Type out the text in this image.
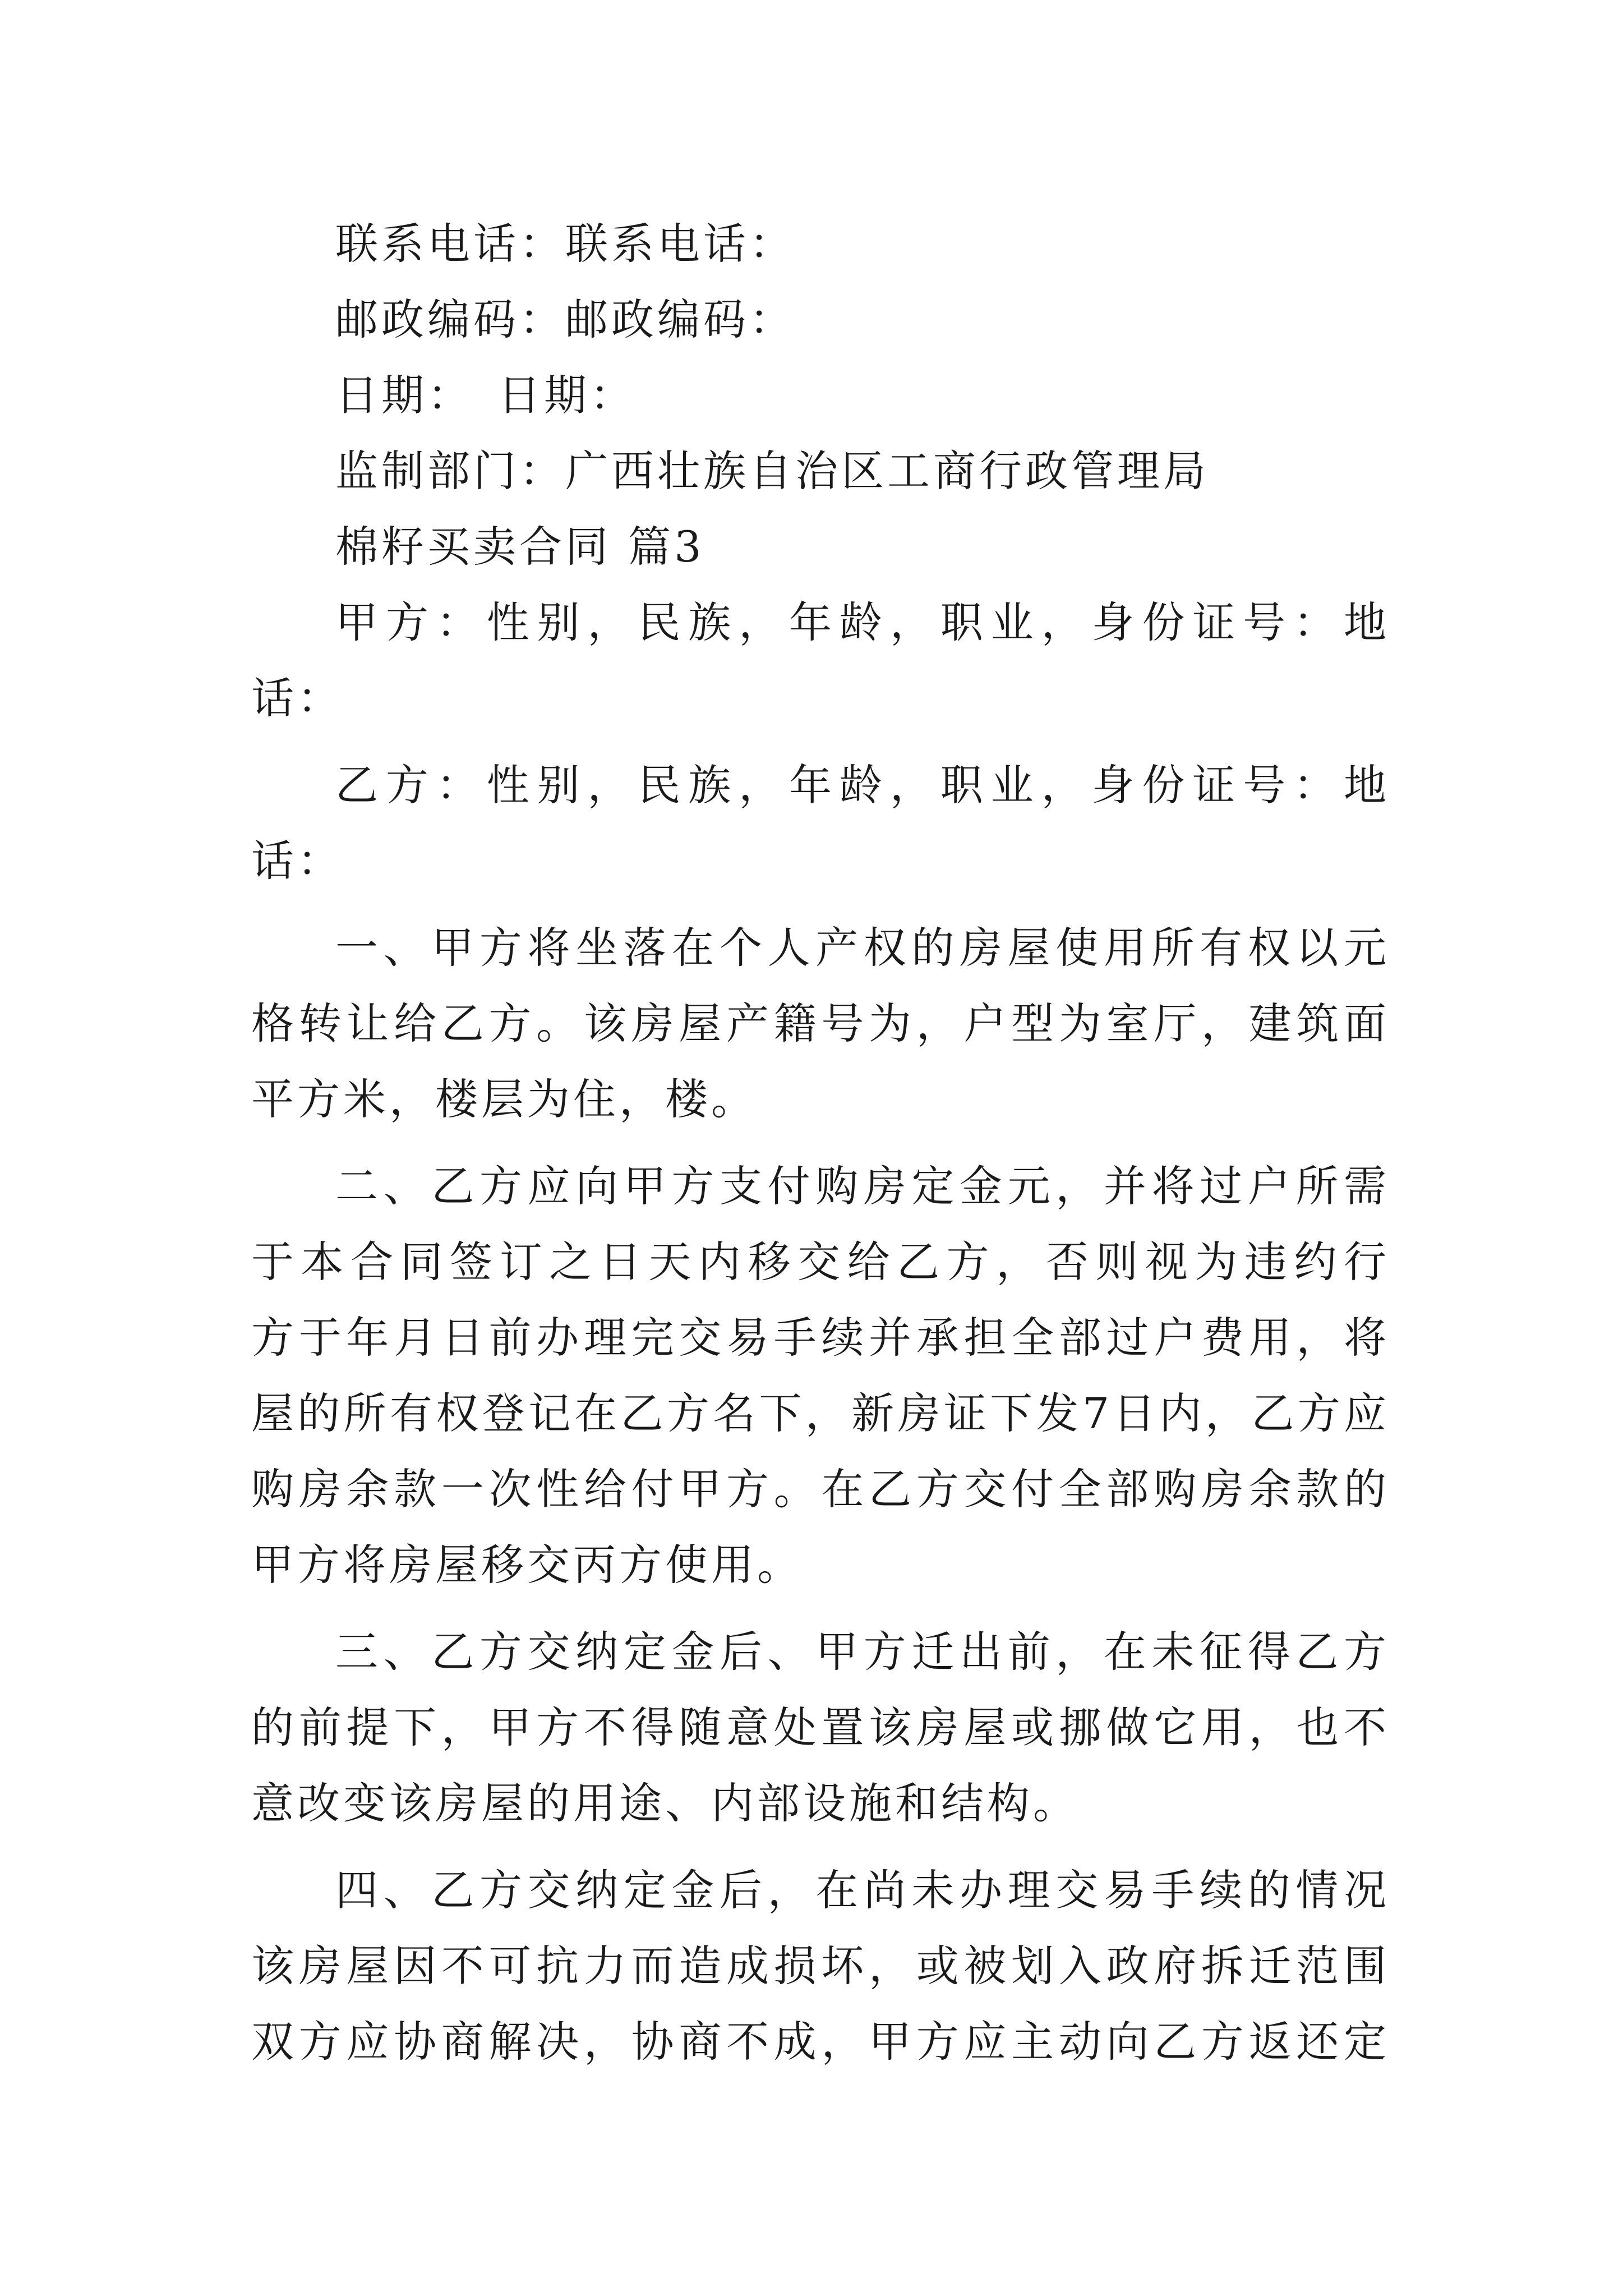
联系电话：联系电话：
邮政编码：邮政编码：
日期：　日期：
监制部门：广西壮族自治区工商行政管理局
棉籽买卖合同 篇3
甲方：性别，民族，年龄，职业，身份证号：地
话：
乙方：性别，民族，年龄，职业，身份证号：地
话：
一、甲方将坐落在个人产权的房屋使用所有权以元
格转让给乙方。该房屋产籍号为，户型为室厅，建筑面
平方米，楼层为住，楼。
二、乙方应向甲方支付购房定金元，并将过户所需
于本合同签订之日天内移交给乙方，否则视为违约行
方于年月日前办理完交易手续并承担全部过户费用，将
屋的所有权登记在乙方名下，新房证下发7日内，乙方应
购房余款一次性给付甲方。在乙方交付全部购房余款的
甲方将房屋移交丙方使用。
三、乙方交纳定金后、甲方迁出前，在未征得乙方
的前提下，甲方不得随意处置该房屋或挪做它用，也不
意改变该房屋的用途、内部设施和结构。
四、乙方交纳定金后，在尚未办理交易手续的情况
该房屋因不可抗力而造成损坏，或被划入政府拆迁范围
双方应协商解决，协商不成，甲方应主动向乙方返还定
